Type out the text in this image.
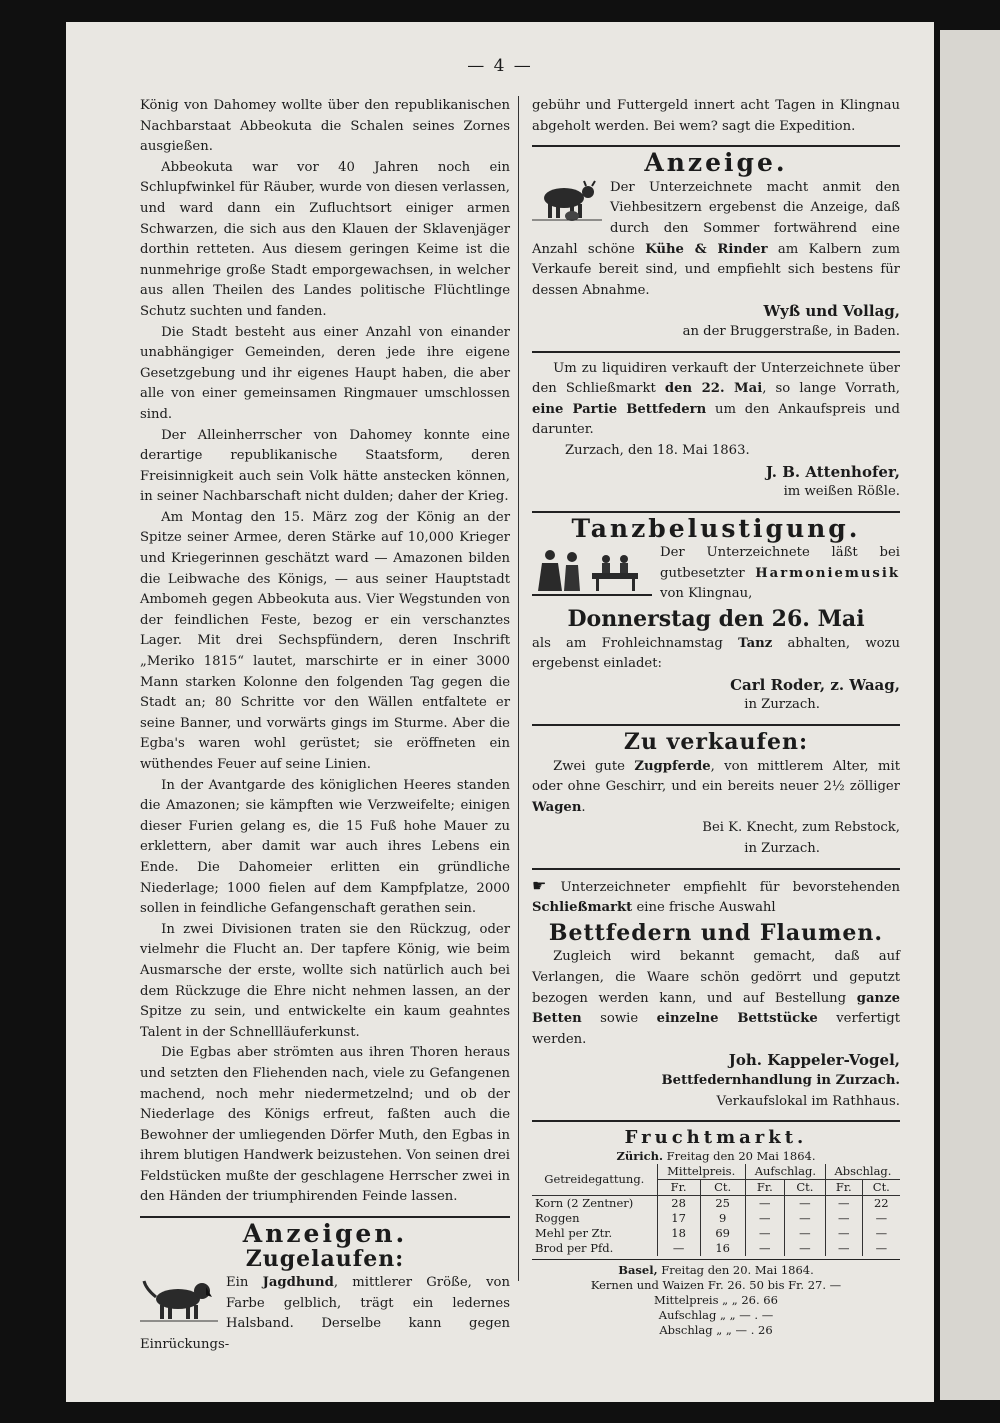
— 4 —

König von Dahomey wollte über den republikanischen Nachbarstaat Abbeokuta die Schalen seines Zornes ausgießen.

Abbeokuta war vor 40 Jahren noch ein Schlupfwinkel für Räuber, wurde von diesen verlassen, und ward dann ein Zufluchtsort einiger armen Schwarzen, die sich aus den Klauen der Sklavenjäger dorthin retteten. Aus diesem geringen Keime ist die nunmehrige große Stadt emporgewachsen, in welcher aus allen Theilen des Landes politische Flüchtlinge Schutz suchten und fanden.

Die Stadt besteht aus einer Anzahl von einander unabhängiger Gemeinden, deren jede ihre eigene Gesetzgebung und ihr eigenes Haupt haben, die aber alle von einer gemeinsamen Ringmauer umschlossen sind.

Der Alleinherrscher von Dahomey konnte eine derartige republikanische Staatsform, deren Freisinnigkeit auch sein Volk hätte anstecken können, in seiner Nachbarschaft nicht dulden; daher der Krieg.

Am Montag den 15. März zog der König an der Spitze seiner Armee, deren Stärke auf 10,000 Krieger und Kriegerinnen geschätzt ward — Amazonen bilden die Leibwache des Königs, — aus seiner Hauptstadt Ambomeh gegen Abbeokuta aus. Vier Wegstunden von der feindlichen Feste, bezog er ein verschanztes Lager. Mit drei Sechspfündern, deren Inschrift „Meriko 1815“ lautet, marschirte er in einer 3000 Mann starken Kolonne den folgenden Tag gegen die Stadt an; 80 Schritte vor den Wällen entfaltete er seine Banner, und vorwärts gings im Sturme. Aber die Egba's waren wohl gerüstet; sie eröffneten ein wüthendes Feuer auf seine Linien.

In der Avantgarde des königlichen Heeres standen die Amazonen; sie kämpften wie Verzweifelte; einigen dieser Furien gelang es, die 15 Fuß hohe Mauer zu erklettern, aber damit war auch ihres Lebens ein Ende. Die Dahomeier erlitten ein gründliche Niederlage; 1000 fielen auf dem Kampfplatze, 2000 sollen in feindliche Gefangenschaft gerathen sein.

In zwei Divisionen traten sie den Rückzug, oder vielmehr die Flucht an. Der tapfere König, wie beim Ausmarsche der erste, wollte sich natürlich auch bei dem Rückzuge die Ehre nicht nehmen lassen, an der Spitze zu sein, und entwickelte ein kaum geahntes Talent in der Schnellläuferkunst.

Die Egbas aber strömten aus ihren Thoren heraus und setzten den Fliehenden nach, viele zu Gefangenen machend, noch mehr niedermetzelnd; und ob der Niederlage des Königs erfreut, faßten auch die Bewohner der umliegenden Dörfer Muth, den Egbas in ihrem blutigen Handwerk beizustehen. Von seinen drei Feldstücken mußte der geschlagene Herrscher zwei in den Händen der triumphirenden Feinde lassen.

Anzeigen.
Zugelaufen:

Ein Jagdhund, mittlerer Größe, von Farbe gelblich, trägt ein ledernes Halsband. Derselbe kann gegen Einrückungs-

gebühr und Futtergeld innert acht Tagen in Klingnau abgeholt werden. Bei wem? sagt die Expedition.

Anzeige.

Der Unterzeichnete macht anmit den Viehbesitzern ergebenst die Anzeige, daß durch den Sommer fortwährend eine Anzahl schöne Kühe & Rinder am Kalbern zum Verkaufe bereit sind, und empfiehlt sich bestens für dessen Abnahme.

Wyß und Vollag,
an der Bruggerstraße, in Baden.

Um zu liquidiren verkauft der Unterzeichnete über den Schließmarkt den 22. Mai, so lange Vorrath, eine Partie Bettfedern um den Ankaufspreis und darunter.

Zurzach, den 18. Mai 1863.
J. B. Attenhofer,
im weißen Rößle.
Tanzbelustigung.

Der Unterzeichnete läßt bei gutbesetzter Harmoniemusik von Klingnau,

Donnerstag den 26. Mai

als am Frohleichnamstag Tanz abhalten, wozu ergebenst einladet:

Carl Roder, z. Waag,
in Zurzach.
Zu verkaufen:

Zwei gute Zugpferde, von mittlerem Alter, mit oder ohne Geschirr, und ein bereits neuer 2½ zölliger Wagen.

Bei K. Knecht, zum Rebstock,
in Zurzach.

☛ Unterzeichneter empfiehlt für bevorstehenden Schließmarkt eine frische Auswahl

Bettfedern und Flaumen.

Zugleich wird bekannt gemacht, daß auf Verlangen, die Waare schön gedörrt und geputzt bezogen werden kann, und auf Bestellung ganze Betten sowie einzelne Bettstücke verfertigt werden.

Joh. Kappeler-Vogel,
Bettfedernhandlung in Zurzach.
Verkaufslokal im Rathhaus.
Fruchtmarkt.
Zürich. Freitag den 20 Mai 1864.
Getreidegattung.	Mittelpreis.		Aufschlag.		Abschlag.	
	Fr.	Ct.	Fr.	Ct.	Fr.	Ct.
Korn (2 Zentner)	28	25	—	—	—	22
Roggen	17	9	—	—	—	—
Mehl per Ztr.	18	69	—	—	—	—
Brod per Pfd.	—	16	—	—	—	—
Basel, Freitag den 20. Mai 1864.
Kernen und Waizen Fr. 26. 50 bis Fr. 27. —
Mittelpreis „ „ 26. 66
Aufschlag „ „ — . —
Abschlag „ „ — . 26
